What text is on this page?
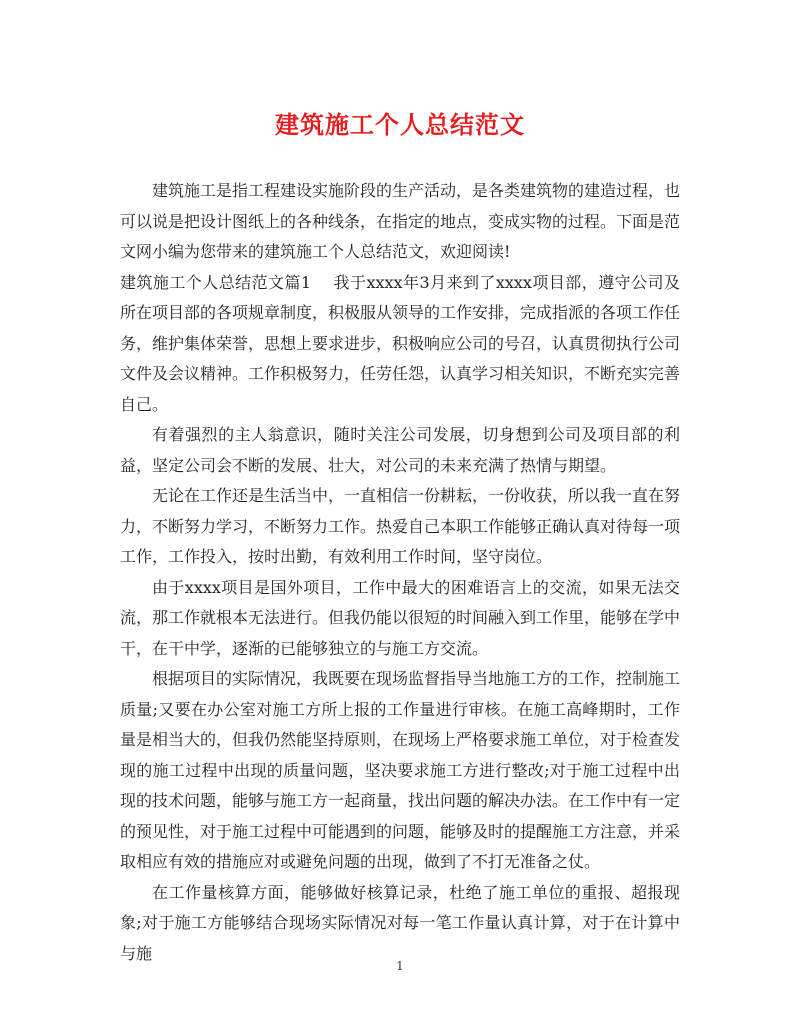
建筑施工个人总结范文

建筑施工是指工程建设实施阶段的生产活动，是各类建筑物的建造过程，也可以说是把设计图纸上的各种线条，在指定的地点，变成实物的过程。下面是范文网小编为您带来的建筑施工个人总结范文，欢迎阅读!

建筑施工个人总结范文篇1 我于xxxx年3月来到了xxxx项目部，遵守公司及所在项目部的各项规章制度，积极服从领导的工作安排，完成指派的各项工作任务，维护集体荣誉，思想上要求进步，积极响应公司的号召，认真贯彻执行公司文件及会议精神。工作积极努力，任劳任怨，认真学习相关知识，不断充实完善自己。

有着强烈的主人翁意识，随时关注公司发展，切身想到公司及项目部的利益，坚定公司会不断的发展、壮大，对公司的未来充满了热情与期望。

无论在工作还是生活当中，一直相信一份耕耘，一份收获，所以我一直在努力，不断努力学习，不断努力工作。热爱自己本职工作能够正确认真对待每一项工作，工作投入，按时出勤，有效利用工作时间，坚守岗位。

由于xxxx项目是国外项目，工作中最大的困难语言上的交流，如果无法交流，那工作就根本无法进行。但我仍能以很短的时间融入到工作里，能够在学中干，在干中学，逐渐的已能够独立的与施工方交流。

根据项目的实际情况，我既要在现场监督指导当地施工方的工作，控制施工质量;又要在办公室对施工方所上报的工作量进行审核。在施工高峰期时，工作量是相当大的，但我仍然能坚持原则，在现场上严格要求施工单位，对于检查发现的施工过程中出现的质量问题，坚决要求施工方进行整改;对于施工过程中出现的技术问题，能够与施工方一起商量，找出问题的解决办法。在工作中有一定的预见性，对于施工过程中可能遇到的问题，能够及时的提醒施工方注意，并采取相应有效的措施应对或避免问题的出现，做到了不打无准备之仗。

在工作量核算方面，能够做好核算记录，杜绝了施工单位的重报、超报现象;对于施工方能够结合现场实际情况对每一笔工作量认真计算，对于在计算中与施

1
